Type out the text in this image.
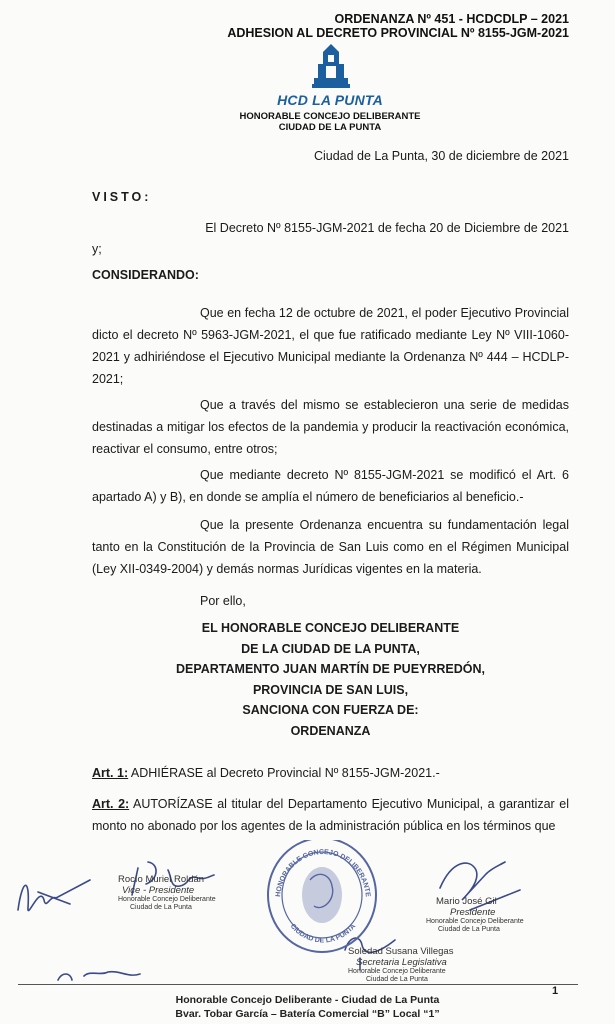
ORDENANZA Nº 451 - HCDCDLP – 2021
ADHESION AL DECRETO PROVINCIAL Nº 8155-JGM-2021
HCD LA PUNTA
HONORABLE CONCEJO DELIBERANTE
CIUDAD DE LA PUNTA
Ciudad de La Punta, 30 de diciembre de 2021
VISTO:
El Decreto Nº 8155-JGM-2021 de fecha 20 de Diciembre de 2021
y;
CONSIDERANDO:
Que en fecha 12 de octubre de 2021, el poder Ejecutivo Provincial dicto el decreto Nº 5963-JGM-2021, el que fue ratificado mediante Ley Nº VIII-1060-2021 y adhiriéndose el Ejecutivo Municipal mediante la Ordenanza Nº 444 – HCDLP-2021;
Que a través del mismo se establecieron una serie de medidas destinadas a mitigar los efectos de la pandemia y producir la reactivación económica, reactivar el consumo, entre otros;
Que mediante decreto Nº 8155-JGM-2021 se modificó el Art. 6 apartado A) y B), en donde se amplía el número de beneficiarios al beneficio.-
Que la presente Ordenanza encuentra su fundamentación legal tanto en la Constitución de la Provincia de San Luis como en el Régimen Municipal (Ley XII-0349-2004) y demás normas Jurídicas vigentes en la materia.
Por ello,
EL HONORABLE CONCEJO DELIBERANTE
DE LA CIUDAD DE LA PUNTA,
DEPARTAMENTO JUAN MARTÍN DE PUEYRREDÓN,
PROVINCIA DE SAN LUIS,
SANCIONA CON FUERZA DE:
ORDENANZA
Art. 1: ADHIÉRASE al Decreto Provincial Nº 8155-JGM-2021.-
Art. 2: AUTORÍZASE al titular del Departamento Ejecutivo Municipal, a garantizar el monto no abonado por los agentes de la administración pública en los términos que
HONORABLE CONCEJO DELIBERANTE
CIUDAD DE LA PUNTA
Rocío Muriel Roldán
Vice - Presidente
Honorable Concejo Deliberante
Ciudad de La Punta
Mario José Gil
Presidente
Honorable Concejo Deliberante
Ciudad de La Punta
Soledad Susana Villegas
Secretaria Legislativa
Honorable Concejo Deliberante
Ciudad de La Punta
1
Honorable Concejo Deliberante - Ciudad de La Punta
Bvar. Tobar García – Batería Comercial “B” Local “1”
